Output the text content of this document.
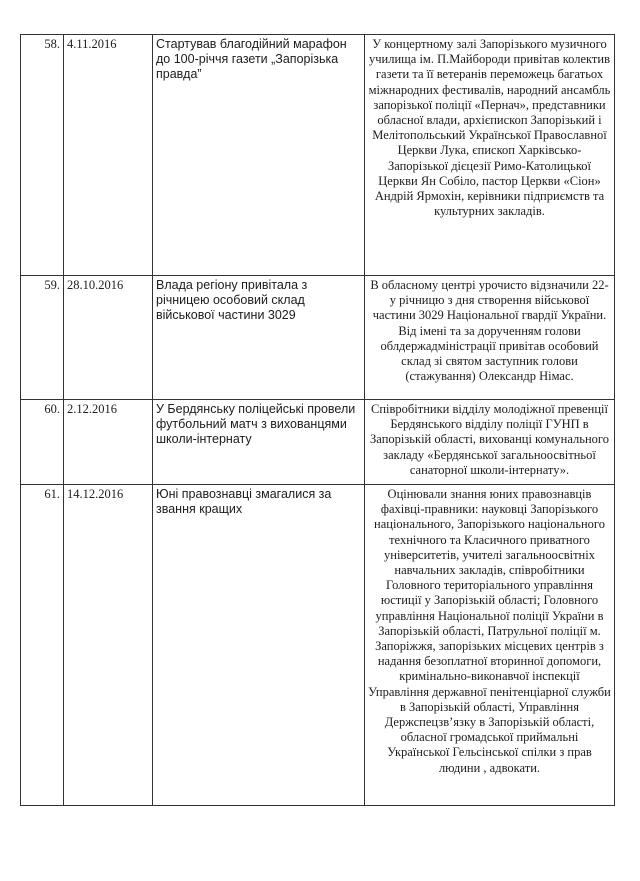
58.	4.11.2016	Стартував благодійний марафон до 100-річчя газети „Запорізька правда”	У концертному залі Запорізького музичного училища ім. П.Майбороди привітав колектив газети та її ветеранів переможець багатьох міжнародних фестивалів, народний ансамбль запорізької поліції «Пернач», представники обласної влади, архієпископ Запорізький і Мелітопольський Української Православної Церкви Лука, єпископ Харківсько-Запорізької дієцезії Римо-Католицької Церкви Ян Собіло, пастор Церкви «Сіон» Андрій Ярмохін, керівники підприємств та культурних закладів.
59.	28.10.2016	Влада регіону привітала з річницею особовий склад військової частини 3029	В обласному центрі урочисто відзначили 22-у річницю з дня створення військової частини 3029 Національної гвардії України. Від імені та за дорученням голови облдержадміністрації привітав особовий склад зі святом заступник голови (стажування) Олександр Німас.
60.	2.12.2016	У Бердянську поліцейські провели футбольний матч з вихованцями школи-інтернату	Співробітники відділу молодіжної превенції Бердянського відділу поліції ГУНП в Запорізькій області, вихованці комунального закладу «Бердянської загальноосвітньої санаторної школи-інтернату».
61.	14.12.2016	Юні правознавці змагалися за звання кращих	Оцінювали знання юних правознавців фахівці-правники: науковці Запорізького національного, Запорізького національного технічного та Класичного приватного університетів, учителі загальноосвітніх навчальних закладів, співробітники Головного територіального управління юстиції у Запорізькій області; Головного управління Національної поліції України в Запорізькій області, Патрульної поліції м. Запоріжжя, запорізьких місцевих центрів з надання безоплатної вторинної допомоги, кримінально-виконавчої інспекції Управління державної пенітенціарної служби в Запорізькій області, Управління Держспецзв’язку в Запорізькій області, обласної громадської приймальні Української Гельсінської спілки з прав людини , адвокати.
